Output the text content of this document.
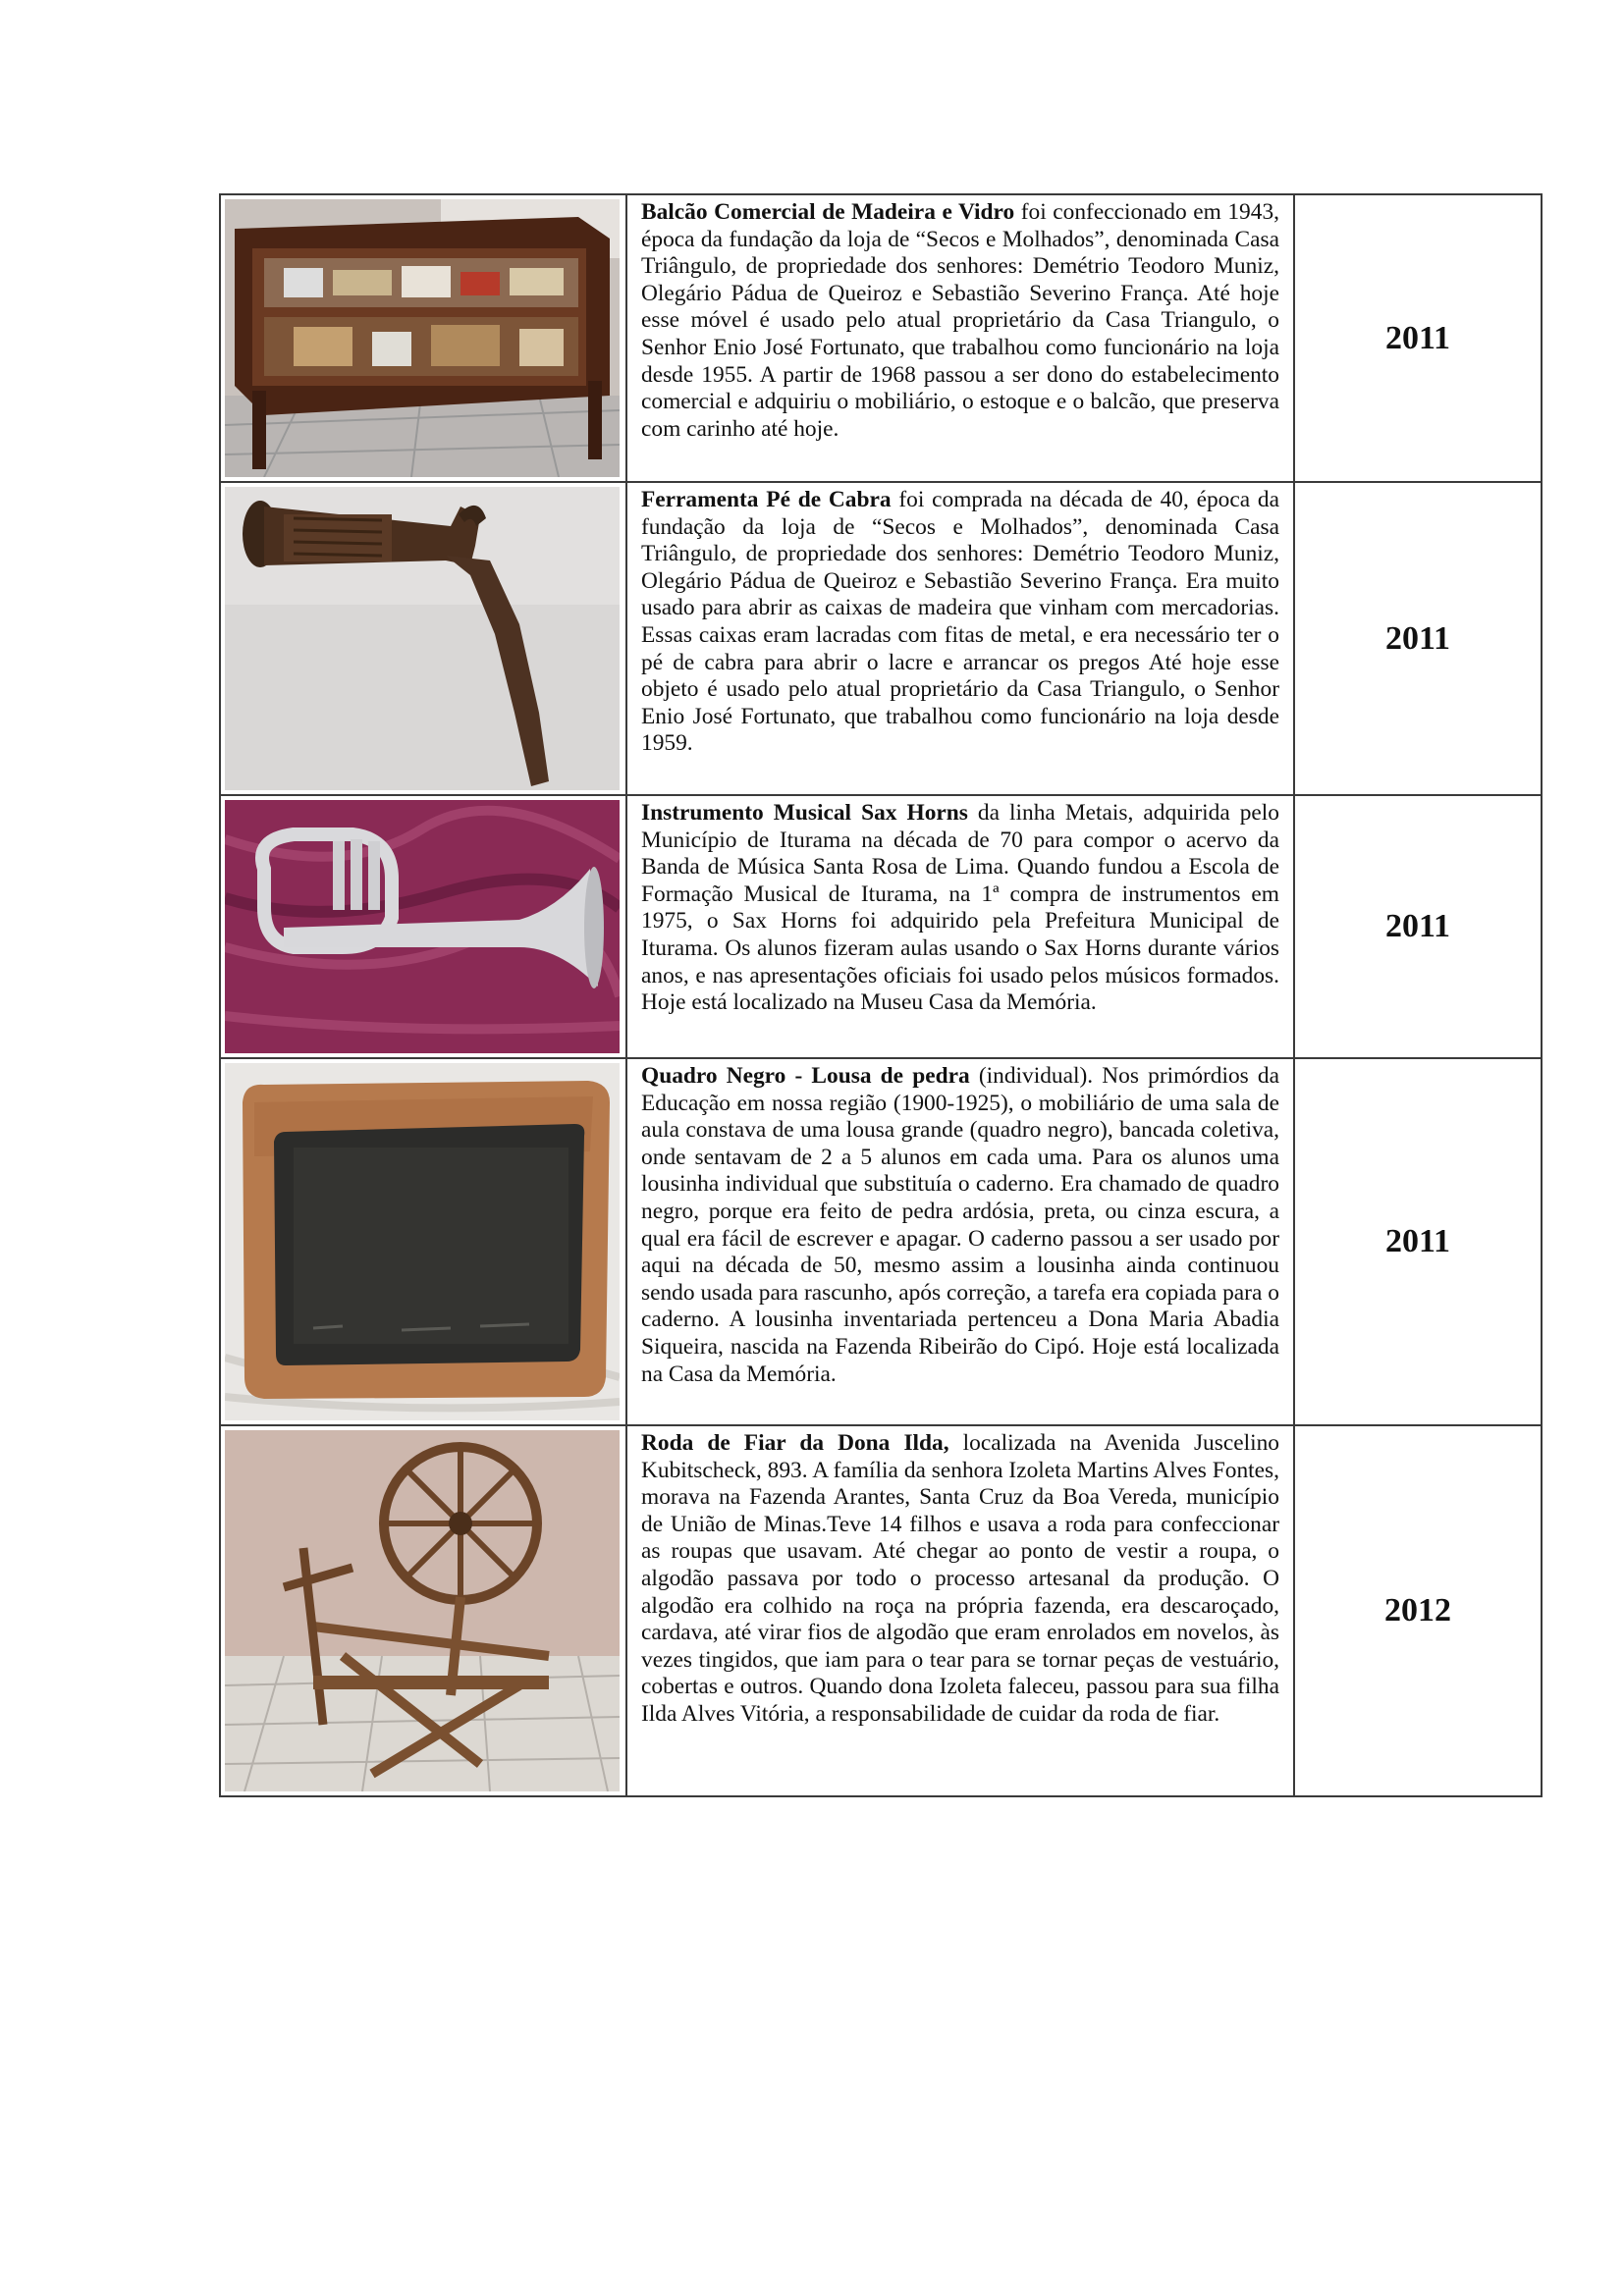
Balcão Comercial de Madeira e Vidro foi confeccionado em 1943, época da fundação da loja de “Secos e Molhados”, denominada Casa Triângulo, de propriedade dos senhores: Demétrio Teodoro Muniz, Olegário Pádua de Queiroz e Sebastião Severino França. Até hoje esse móvel é usado pelo atual proprietário da Casa Triangulo, o Senhor Enio José Fortunato, que trabalhou como funcionário na loja desde 1955. A partir de 1968 passou a ser dono do estabelecimento comercial e adquiriu o mobiliário, o estoque e o balcão, que preserva com carinho até hoje.	2011

Ferramenta Pé de Cabra foi comprada na década de 40, época da fundação da loja de “Secos e Molhados”, denominada Casa Triângulo, de propriedade dos senhores: Demétrio Teodoro Muniz, Olegário Pádua de Queiroz e Sebastião Severino França. Era muito usado para abrir as caixas de madeira que vinham com mercadorias. Essas caixas eram lacradas com fitas de metal, e era necessário ter o pé de cabra para abrir o lacre e arrancar os pregos Até hoje esse objeto é usado pelo atual proprietário da Casa Triangulo, o Senhor Enio José Fortunato, que trabalhou como funcionário na loja desde 1959.	2011

Instrumento Musical Sax Horns da linha Metais, adquirida pelo Município de Iturama na década de 70 para compor o acervo da Banda de Música Santa Rosa de Lima. Quando fundou a Escola de Formação Musical de Iturama, na 1ª compra de instrumentos em 1975, o Sax Horns foi adquirido pela Prefeitura Municipal de Iturama. Os alunos fizeram aulas usando o Sax Horns durante vários anos, e nas apresentações oficiais foi usado pelos músicos formados. Hoje está localizado na Museu Casa da Memória.	2011

Quadro Negro - Lousa de pedra (individual). Nos primórdios da Educação em nossa região (1900-1925), o mobiliário de uma sala de aula constava de uma lousa grande (quadro negro), bancada coletiva, onde sentavam de 2 a 5 alunos em cada uma. Para os alunos uma lousinha individual que substituía o caderno. Era chamado de quadro negro, porque era feito de pedra ardósia, preta, ou cinza escura, a qual era fácil de escrever e apagar. O caderno passou a ser usado por aqui na década de 50, mesmo assim a lousinha ainda continuou sendo usada para rascunho, após correção, a tarefa era copiada para o caderno. A lousinha inventariada pertenceu a Dona Maria Abadia Siqueira, nascida na Fazenda Ribeirão do Cipó. Hoje está localizada na Casa da Memória.	2011

Roda de Fiar da Dona Ilda, localizada na Avenida Juscelino Kubitscheck, 893. A família da senhora Izoleta Martins Alves Fontes, morava na Fazenda Arantes, Santa Cruz da Boa Vereda, município de União de Minas.Teve 14 filhos e usava a roda para confeccionar as roupas que usavam. Até chegar ao ponto de vestir a roupa, o algodão passava por todo o processo artesanal da produção. O algodão era colhido na roça na própria fazenda, era descaroçado, cardava, até virar fios de algodão que eram enrolados em novelos, às vezes tingidos, que iam para o tear para se tornar peças de vestuário, cobertas e outros. Quando dona Izoleta faleceu, passou para sua filha Ilda Alves Vitória, a responsabilidade de cuidar da roda de fiar.	2012
